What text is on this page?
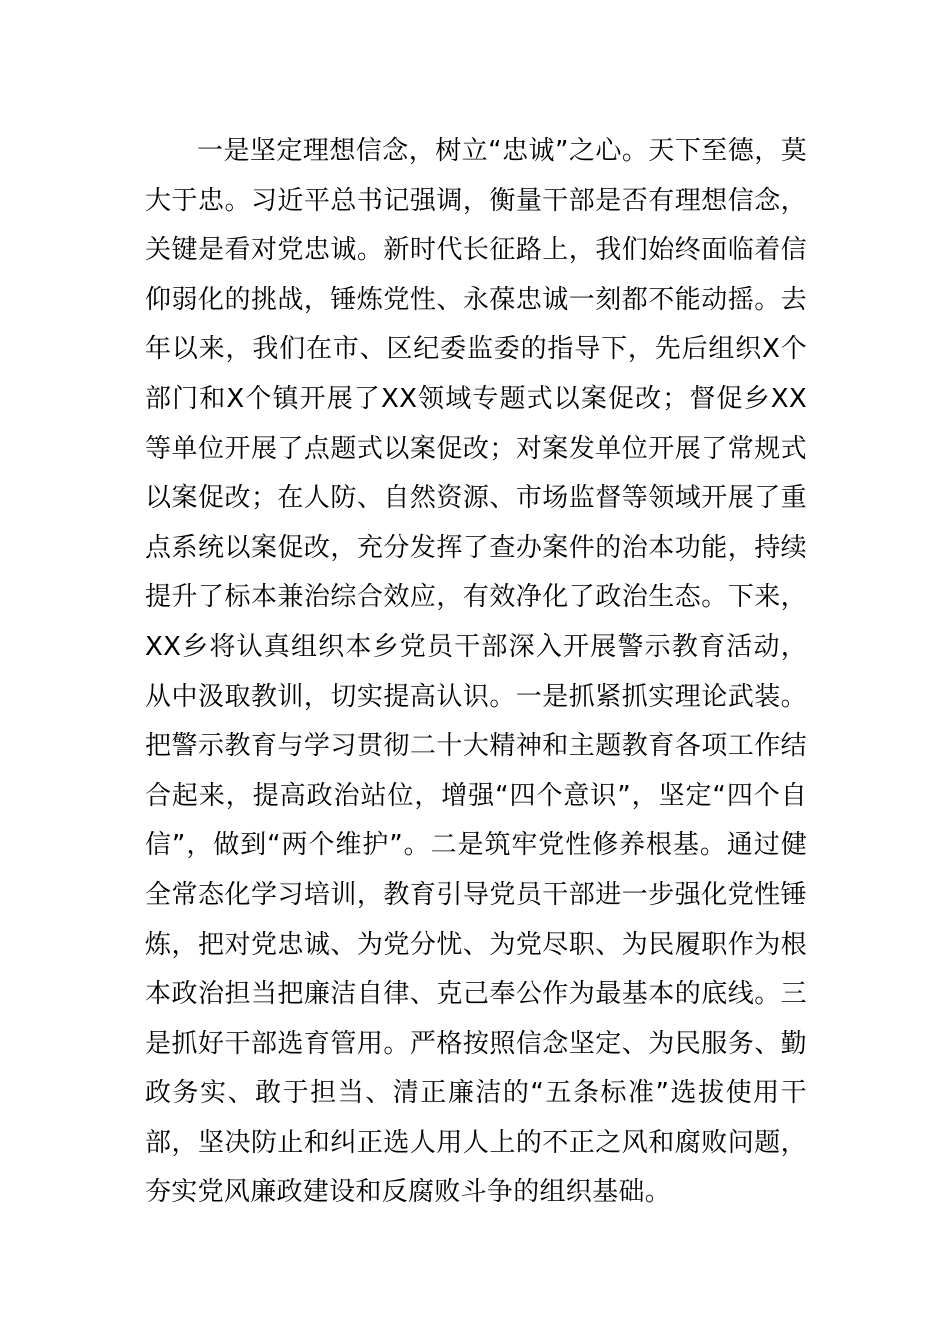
一是坚定理想信念，树立“忠诚”之心。天下至德，莫大于忠。习近平总书记强调，衡量干部是否有理想信念，关键是看对党忠诚。新时代长征路上，我们始终面临着信仰弱化的挑战，锤炼党性、永葆忠诚一刻都不能动摇。去年以来，我们在市、区纪委监委的指导下，先后组织X个部门和X个镇开展了XX领域专题式以案促改；督促乡XX等单位开展了点题式以案促改；对案发单位开展了常规式以案促改；在人防、自然资源、市场监督等领域开展了重点系统以案促改，充分发挥了查办案件的治本功能，持续提升了标本兼治综合效应，有效净化了政治生态。下来，XX乡将认真组织本乡党员干部深入开展警示教育活动，从中汲取教训，切实提高认识。一是抓紧抓实理论武装。把警示教育与学习贯彻二十大精神和主题教育各项工作结合起来，提高政治站位，增强“四个意识”，坚定“四个自信”，做到“两个维护”。二是筑牢党性修养根基。通过健全常态化学习培训，教育引导党员干部进一步强化党性锤炼，把对党忠诚、为党分忧、为党尽职、为民履职作为根本政治担当把廉洁自律、克己奉公作为最基本的底线。三是抓好干部选育管用。严格按照信念坚定、为民服务、勤政务实、敢于担当、清正廉洁的“五条标准”选拔使用干部，坚决防止和纠正选人用人上的不正之风和腐败问题，夯实党风廉政建设和反腐败斗争的组织基础。
